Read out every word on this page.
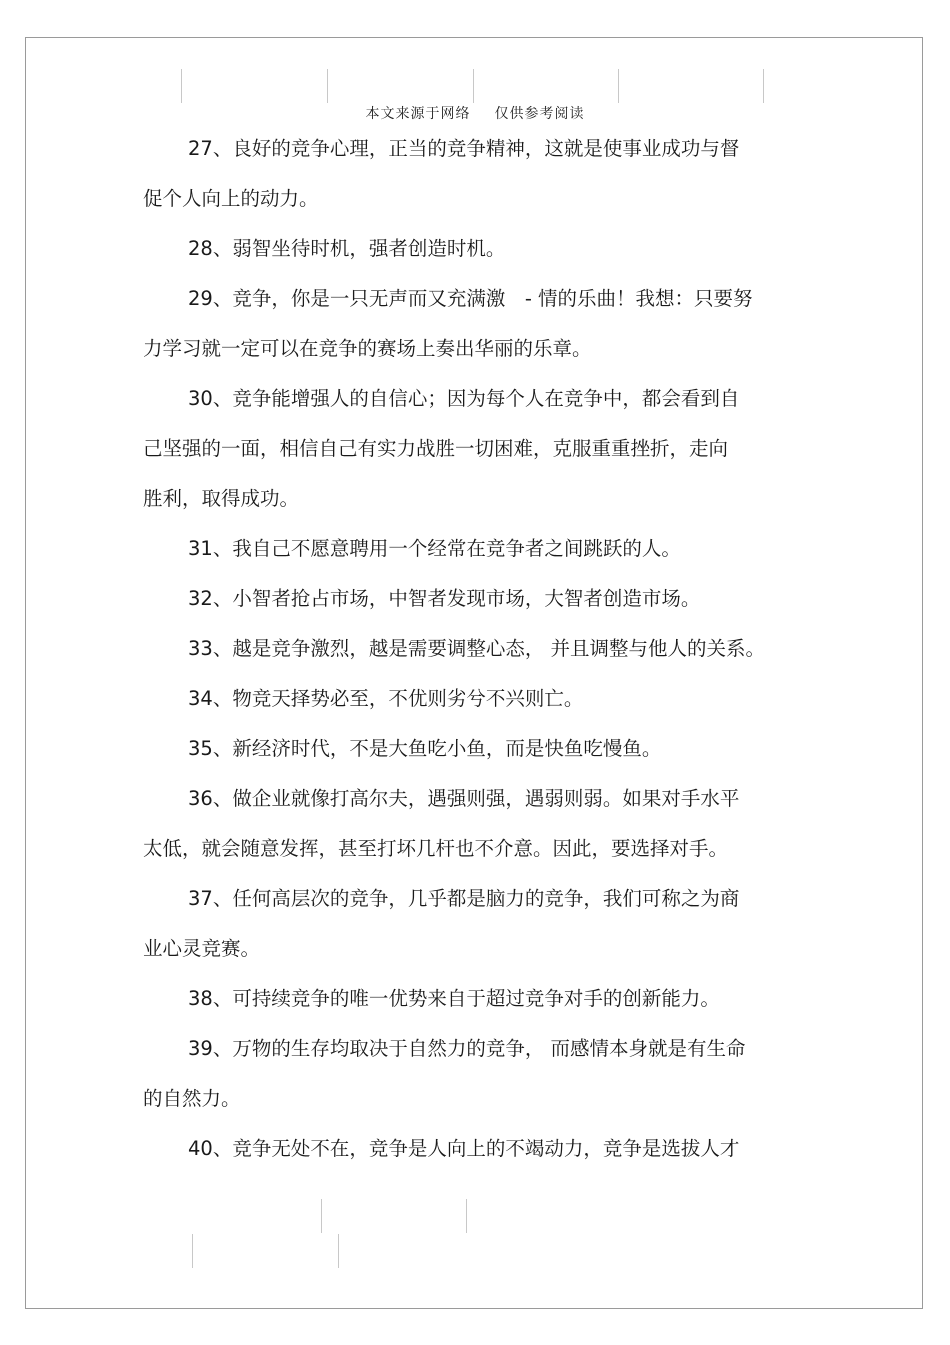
本文来源于网络 仅供参考阅读
27、良好的竞争心理，正当的竞争精神，这就是使事业成功与督
促个人向上的动力。
28、弱智坐待时机，强者创造时机。
29、竞争，你是一只无声而又充满激　- 情的乐曲！我想：只要努
力学习就一定可以在竞争的赛场上奏出华丽的乐章。
30、竞争能增强人的自信心；因为每个人在竞争中，都会看到自
己坚强的一面，相信自己有实力战胜一切困难，克服重重挫折，走向
胜利，取得成功。
31、我自己不愿意聘用一个经常在竞争者之间跳跃的人。
32、小智者抢占市场，中智者发现市场，大智者创造市场。
33、越是竞争激烈，越是需要调整心态， 并且调整与他人的关系。
34、物竞天择势必至，不优则劣兮不兴则亡。
35、新经济时代，不是大鱼吃小鱼，而是快鱼吃慢鱼。
36、做企业就像打高尔夫，遇强则强，遇弱则弱。如果对手水平
太低，就会随意发挥，甚至打坏几杆也不介意。因此，要选择对手。
37、任何高层次的竞争，几乎都是脑力的竞争，我们可称之为商
业心灵竞赛。
38、可持续竞争的唯一优势来自于超过竞争对手的创新能力。
39、万物的生存均取决于自然力的竞争， 而感情本身就是有生命
的自然力。
40、竞争无处不在，竞争是人向上的不竭动力，竞争是选拔人才
